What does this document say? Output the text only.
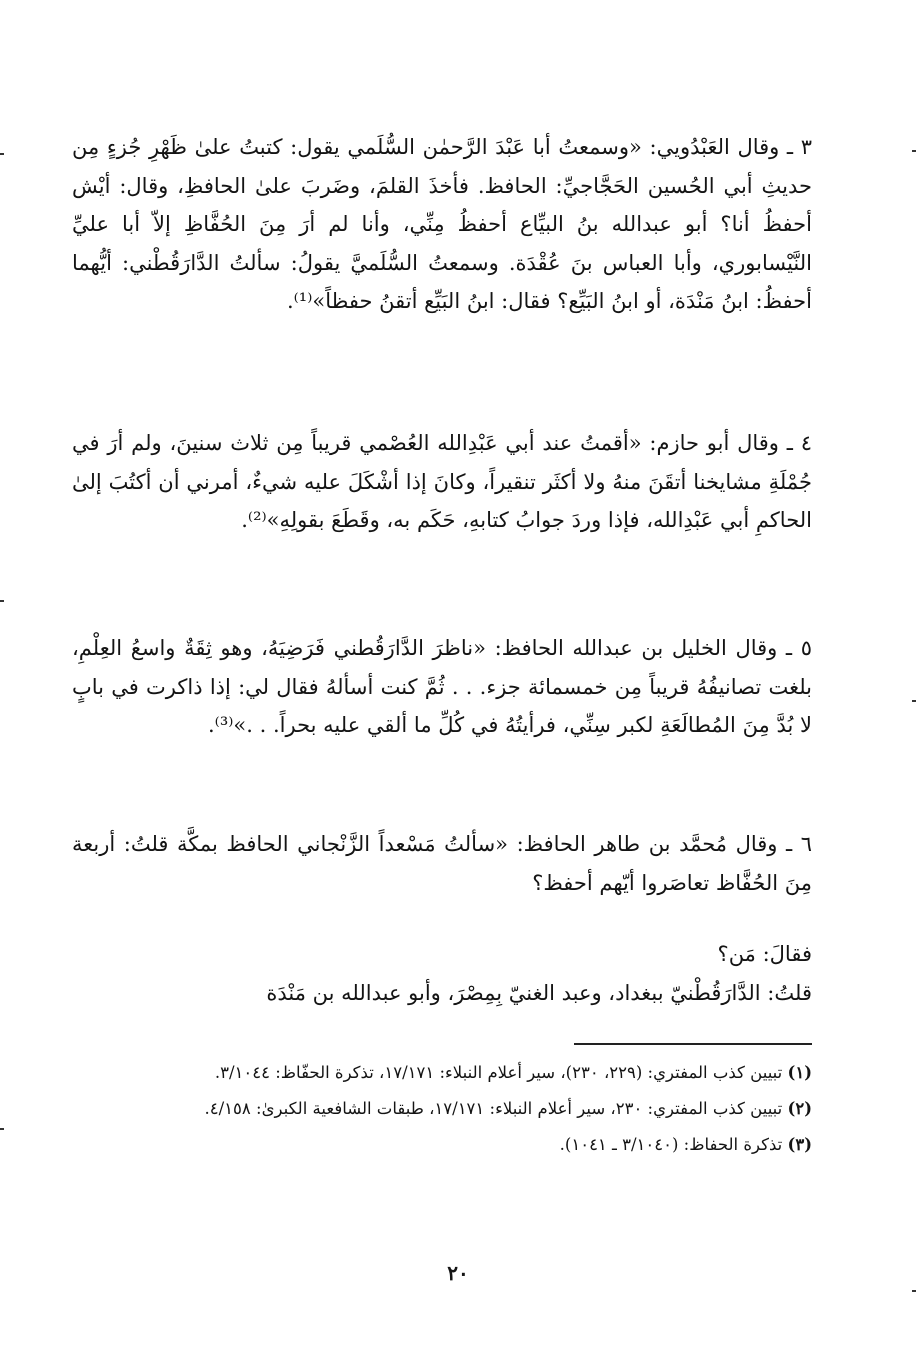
٣ ـ وقال العَبْدُويي: «وسمعتُ أبا عَبْدَ الرَّحمٰن السُّلَمي يقول: كتبتُ علىٰ ظَهْرِ جُزءٍ مِن حديثِ أبي الحُسين الحَجَّاجيِّ: الحافظ. فأخذَ القلمَ، وضَربَ علىٰ الحافظِ، وقال: أيْش أحفظُ أنا؟ أبو عبدالله بنُ البيِّاع أحفظُ مِنِّي، وأنا لم أرَ مِنَ الحُفَّاظِ إلاّ أبا عليِّ النَّيْسابوري، وأبا العباس بنَ عُقْدَة. وسمعتُ السُّلَميَّ يقولُ: سألتُ الدَّارَقُطْني: أيُّهما أحفظُ: ابنُ مَنْدَة، أو ابنُ البَيِّع؟ فقال: ابنُ البَيِّع أتقنُ حفظاً»⁽¹⁾.

٤ ـ وقال أبو حازم: «أقمتُ عند أبي عَبْدِالله العُصْمي قريباً مِن ثلاث سنينَ، ولم أرَ في جُمْلَةِ مشايخنا أتقَنَ منهُ ولا أكثَر تنقيراً، وكانَ إذا أشْكَلَ عليه شيءٌ، أمرني أن أكتُبَ إلىٰ الحاكمِ أبي عَبْدِالله، فإذا وردَ جوابُ كتابهِ، حَكَم به، وقَطَعَ بقولِهِ»⁽²⁾.

٥ ـ وقال الخليل بن عبدالله الحافظ: «ناظرَ الدَّارَقُطني فَرَضِيَهُ، وهو ثِقَةٌ واسعُ العِلْمِ، بلغت تصانيفُهُ قريباً مِن خمسمائة جزء. . . ثُمَّ كنت أسألهُ فقال لي: إذا ذاكرت في بابٍ لا بُدَّ مِنَ المُطالَعَةِ لكبر سِنِّي، فرأيتُهُ في كُلِّ ما ألقي عليه بحراً. . .»⁽³⁾.

٦ ـ وقال مُحمَّد بن طاهر الحافظ: «سألتُ مَسْعداً الزَّنْجاني الحافظ بمكَّة قلتُ: أربعة مِنَ الحُفَّاظ تعاصَروا أيّهم أحفظ؟

فقالَ: مَن؟

قلتُ: الدَّارَقُطْنيّ ببغداد، وعبد الغنيّ بِمِصْرَ، وأبو عبدالله بن مَنْدَة

(١) تبيين كذب المفتري: (٢٢٩، ٢٣٠)، سير أعلام النبلاء: ١٧/١٧١، تذكرة الحفّاظ: ٣/١٠٤٤.

(٢) تبيين كذب المفتري: ٢٣٠، سير أعلام النبلاء: ١٧/١٧١، طبقات الشافعية الكبرىٰ: ٤/١٥٨.

(٣) تذكرة الحفاظ: (٣/١٠٤٠ ـ ١٠٤١).

٢٠
